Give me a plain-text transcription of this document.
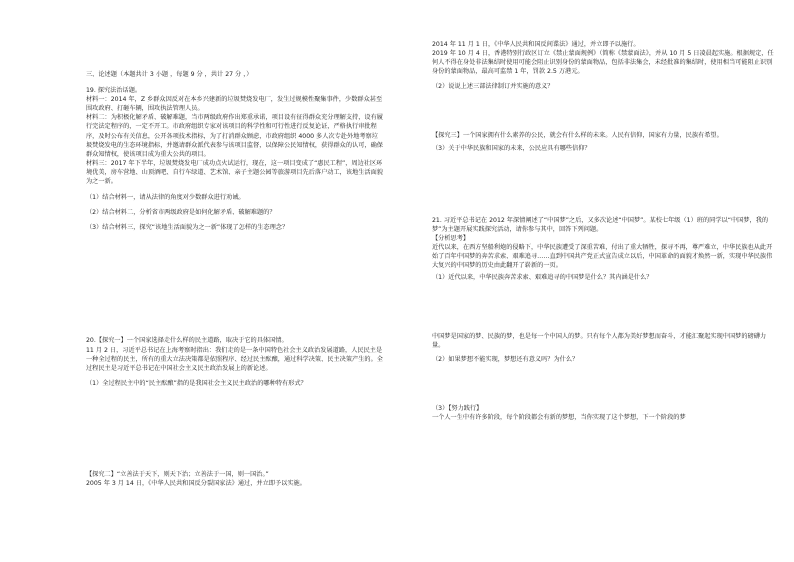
三、论述题（本题共计 3 小题 ，每题 9 分 ，共计 27 分 ，）

19. 探究法治话题。

材料一：2014 年，Z 乡群众因反对在本乡兴建新的垃圾焚烧发电厂，发生过规模性聚集事件，少数群众甚至围攻政府、打砸车辆，围攻执法管理人员。

材料二：为积极化解矛盾、破解难题，当市两级政府作出郑重承诺，项目设有征得群众充分理解支持，设有履行完法定程序的，一定不开工。市政府组织专家对该项目的科学性和可行性进行反复论证，严格执行审批程序，及时公布有关信息，公开各项技术指标，为了打消群众顾虑，市政府组织 4000 多人次专赴外地考察垃圾焚烧发电的生态环境指标，并邀请群众派代表参与该项目监督，以保障公民知情权，获得群众的认可，确保群众知情权，使该项目成为重大公共的项目。

材料三：2017 年下半年，垃圾焚烧发电厂成功点火试运行，现在，这一项目变成了“惠民工程”，周边社区环境优美，房车营地、山顶酒吧、自行车绿道、艺术馆、亲子主题公园等旅游项目先后落户动工，该地生活面貌为之一新。

（1）结合材料一，请从法律的角度对少数群众进行劝诫。

（2）结合材料二，分析省市两级政府是如何化解矛盾、破解难题的？

（3）结合材料三，探究“该地生活面貌为之一新”体现了怎样的生态理念？

20.【探究一】一个国家选择走什么样的民主道路，取决于它的具体国情。

11 月 2 日，习近平总书记在上海考察时指出：我们走的是一条中国特色社会主义政治发展道路，人民民主是一种全过程的民主，所有的重大立法决策都是依照程序、经过民主酝酿，通过科学决策、民主决策产生的。全过程民主是习近平总书记在中国社会主义民主政治发展上的新论述。

（1）全过程民主中的“民主酝酿”指的是我国社会主义民主政治的哪种特有形式？

【探究二】“立善法于天下，则天下治；立善法于一国，则一国治。”

2005 年 3 月 14 日，《中华人民共和国反分裂国家法》通过，并立即予以实施。

2014 年 11 月 1 日，《中华人民共和国反间谍法》通过，并立即予以施行。

2019 年 10 月 4 日，香港特别行政区订立《禁止蒙面规例》（简称《禁蒙面法》，并从 10 月 5 日凌晨起实施。根据规定，任何人不得在身处非法集结时使用可能会阻止识别身份的蒙面物品，包括非法集会，未经批准的集结时，使用相当可能阻止识别身份的蒙面物品，最高可监禁 1 年，罚款 2.5 万港元。

（2）说说上述三部法律制订并实施的意义？

【探究三】一个国家拥有什么素养的公民，就会有什么样的未来。人民有信仰，国家有力量，民族有希望。

（3）关于中华民族和国家的未来，公民应具有哪些信仰？

21. 习近平总书记在 2012 年深情阐述了“中国梦”之后，又多次论述“中国梦”。某校七年级（1）班的同学以“中国梦，我的梦”为主题开展实践探究活动，请你参与其中，回答下列问题。

【分析思考】

近代以来，在西方坚船利炮的侵略下，中华民族遭受了深重苦难，付出了重大牺牲，探寻不再，尊严难立，中华民族也从此开始了百年中国梦的奔苦求索、艰难追寻……直到中国共产党正式宣告成立以后，中国革命的面貌才焕然一新，实现中华民族伟大复兴的中国梦的历史由此翻开了崭新的一页。

（1）近代以来，中华民族奔苦求索、艰难追寻的中国梦是什么？其内涵是什么？

中国梦是国家的梦、民族的梦，也是每一个中国人的梦。只有每个人都为美好梦想而奋斗，才能汇聚起实现中国梦的磅礴力量。

（2）如果梦想不能实现，梦想还有意义吗？为什么？

（3）【努力践行】

一个人一生中有许多阶段，每个阶段都会有新的梦想，当你实现了这个梦想，下一个阶段的梦
